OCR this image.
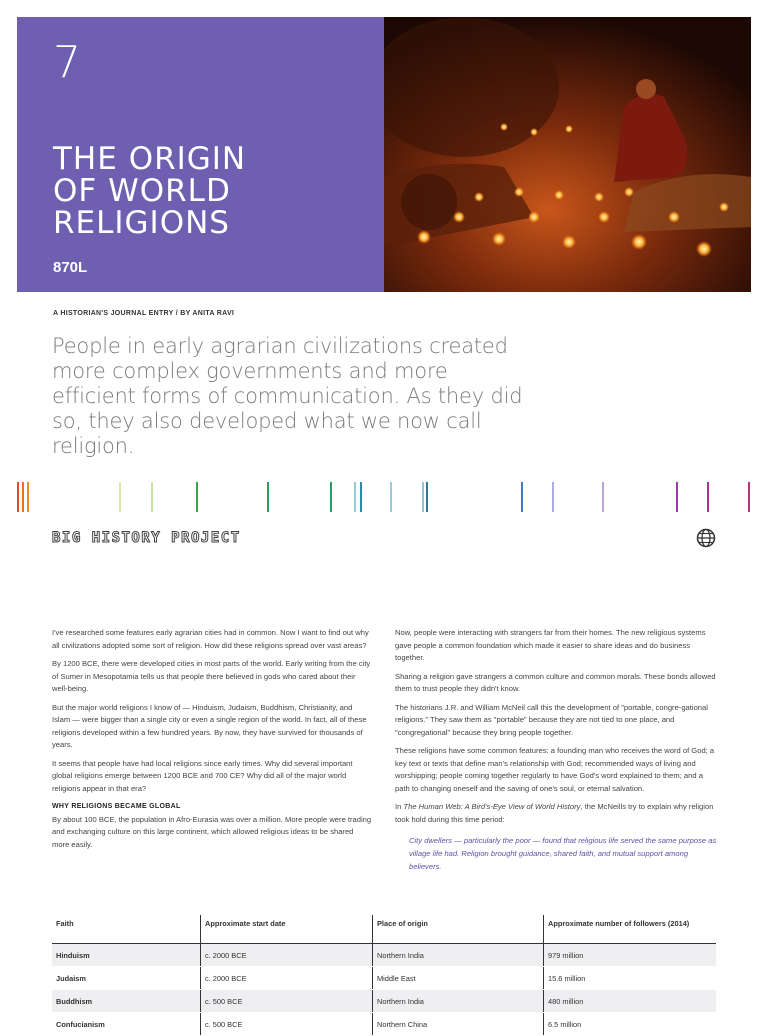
7
THE ORIGIN
OF WORLD
RELIGIONS
870L
A HISTORIAN'S JOURNAL ENTRY / BY ANITA RAVI
People in early agrarian civilizations created more complex governments and more efficient forms of communication. As they did so, they also developed what we now call religion.
BIG HISTORY PROJECT

I've researched some features early agrarian cities had in common. Now I want to find out why all civilizations adopted some sort of religion. How did these religions spread over vast areas?

By 1200 BCE, there were developed cities in most parts of the world. Early writing from the city of Sumer in Mesopotamia tells us that people there believed in gods who cared about their well-being.

But the major world religions I know of — Hinduism, Judaism, Buddhism, Christianity, and Islam — were bigger than a single city or even a single region of the world. In fact, all of these religions developed within a few hundred years. By now, they have survived for thousands of years.

It seems that people have had local religions since early times. Why did several important global religions emerge between 1200 BCE and 700 CE? Why did all of the major world religions appear in that era?

WHY RELIGIONS BECAME GLOBAL

By about 100 BCE, the population in Afro-Eurasia was over a million. More people were trading and exchanging culture on this large continent, which allowed religious ideas to be shared more easily.

Now, people were interacting with strangers far from their homes. The new religious systems gave people a common foundation which made it easier to share ideas and do business together.

Sharing a religion gave strangers a common culture and common morals. These bonds allowed them to trust people they didn't know.

The historians J.R. and William McNeil call this the development of "portable, congre-gational religions." They saw them as "portable" because they are not tied to one place, and "congregational" because they bring people together.

These religions have some common features: a founding man who receives the word of God; a key text or texts that define man's relationship with God; recommended ways of living and worshipping; people coming together regularly to have God's word explained to them; and a path to changing oneself and the saving of one's soul, or eternal salvation.

In The Human Web: A Bird's-Eye View of World History, the McNeills try to explain why religion took hold during this time period:

City dwellers — particularly the poor — found that religious life served the same purpose as village life had. Religion brought guidance, shared faith, and mutual support among believers.
Faith	Approximate start date	Place of origin	Approximate number of followers (2014)
Hinduism	c. 2000 BCE	Northern India	979 million
Judaism	c. 2000 BCE	Middle East	15.6 million
Buddhism	c. 500 BCE	Northern India	480 million
Confucianism	c. 500 BCE	Northern China	6.5 million
